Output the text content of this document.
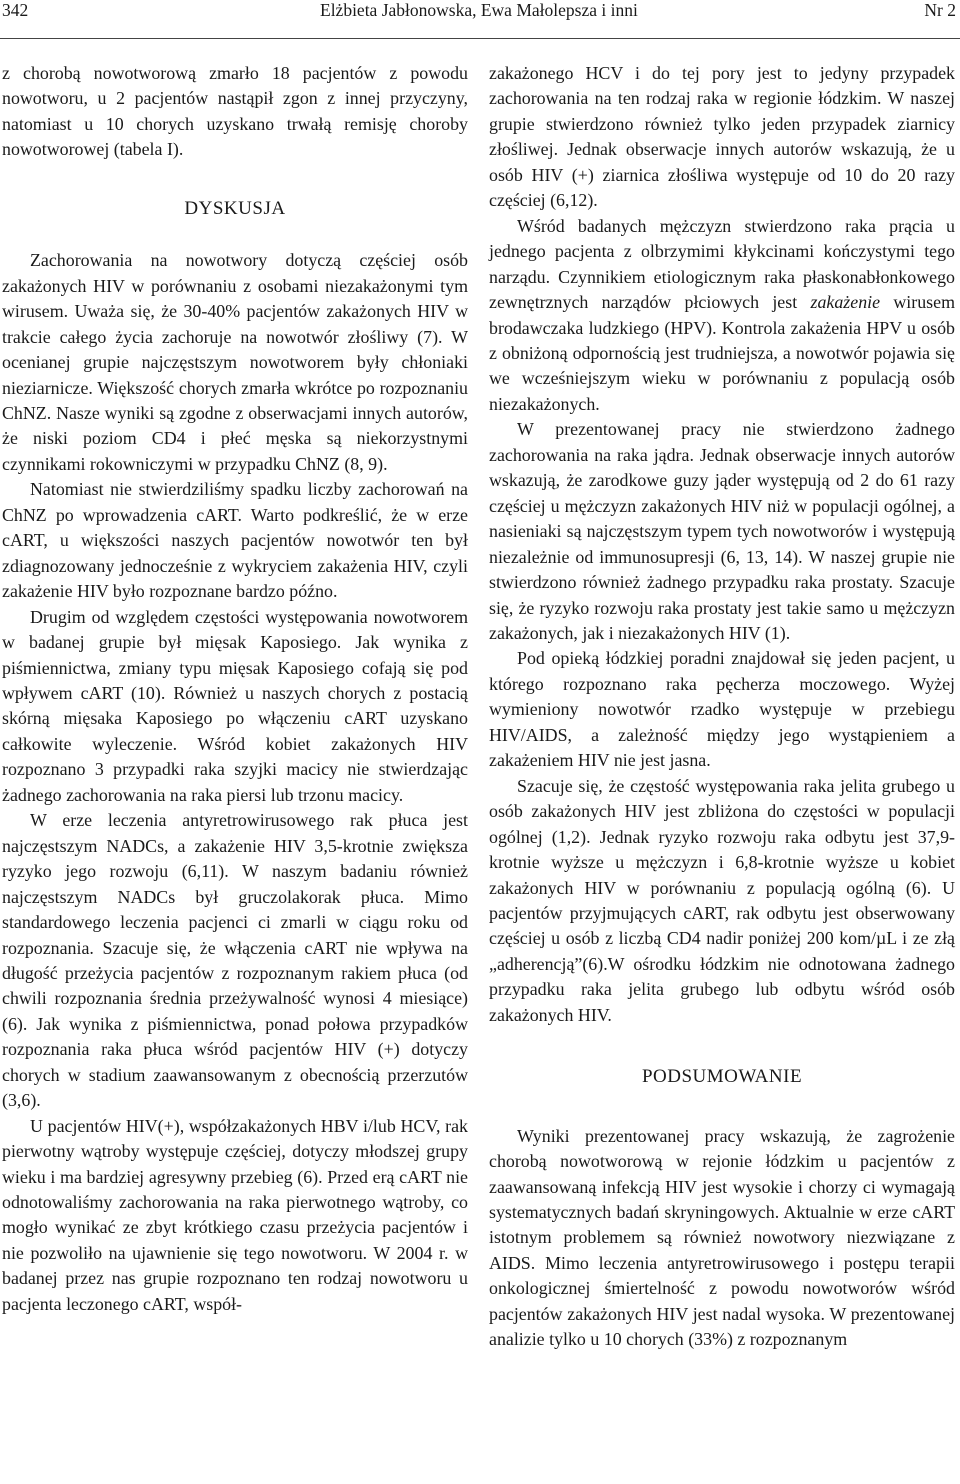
342	Elżbieta Jabłonowska, Ewa Małolepsza i inni	Nr 2

z chorobą nowotworową zmarło 18 pacjentów z powodu nowotworu, u 2 pacjentów nastąpił zgon z innej przyczyny, natomiast u 10 chorych uzyskano trwałą remisję choroby nowotworowej (tabela I).

DYSKUSJA

Zachorowania na nowotwory dotyczą częściej osób zakażonych HIV w porównaniu z osobami niezakażonymi tym wirusem. Uważa się, że 30-40% pacjentów zakażonych HIV w trakcie całego życia zachoruje na nowotwór złośliwy (7). W ocenianej grupie najczęstszym nowotworem były chłoniaki nieziarnicze. Większość chorych zmarła wkrótce po rozpoznaniu ChNZ. Nasze wyniki są zgodne z obserwacjami innych autorów, że niski poziom CD4 i płeć męska są niekorzystnymi czynnikami rokowniczymi w przypadku ChNZ (8, 9).

Natomiast nie stwierdziliśmy spadku liczby zachorowań na ChNZ po wprowadzenia cART. Warto podkreślić, że w erze cART, u większości naszych pacjentów nowotwór ten był zdiagnozowany jednocześnie z wykryciem zakażenia HIV, czyli zakażenie HIV było rozpoznane bardzo późno.

Drugim od względem częstości występowania nowotworem w badanej grupie był mięsak Kaposiego. Jak wynika z piśmiennictwa, zmiany typu mięsak Kaposiego cofają się pod wpływem cART (10). Również u naszych chorych z postacią skórną mięsaka Kaposiego po włączeniu cART uzyskano całkowite wyleczenie. Wśród kobiet zakażonych HIV rozpoznano 3 przypadki raka szyjki macicy nie stwierdzając żadnego zachorowania na raka piersi lub trzonu macicy.

W erze leczenia antyretrowirusowego rak płuca jest najczęstszym NADCs, a zakażenie HIV 3,5-krotnie zwiększa ryzyko jego rozwoju (6,11). W naszym badaniu również najczęstszym NADCs był gruczolakorak płuca. Mimo standardowego leczenia pacjenci ci zmarli w ciągu roku od rozpoznania. Szacuje się, że włączenia cART nie wpływa na długość przeżycia pacjentów z rozpoznanym rakiem płuca (od chwili rozpoznania średnia przeżywalność wynosi 4 miesiące) (6). Jak wynika z piśmiennictwa, ponad połowa przypadków rozpoznania raka płuca wśród pacjentów HIV (+) dotyczy chorych w stadium zaawansowanym z obecnością przerzutów (3,6).

U pacjentów HIV(+), współzakażonych HBV i/lub HCV, rak pierwotny wątroby występuje częściej, dotyczy młodszej grupy wieku i ma bardziej agresywny przebieg (6). Przed erą cART nie odnotowaliśmy zachorowania na raka pierwotnego wątroby, co mogło wynikać ze zbyt krótkiego czasu przeżycia pacjentów i nie pozwoliło na ujawnienie się tego nowotworu. W 2004 r. w badanej przez nas grupie rozpoznano ten rodzaj nowotworu u pacjenta leczonego cART, współ-

zakażonego HCV i do tej pory jest to jedyny przypadek zachorowania na ten rodzaj raka w regionie łódzkim. W naszej grupie stwierdzono również tylko jeden przypadek ziarnicy złośliwej. Jednak obserwacje innych autorów wskazują, że u osób HIV (+) ziarnica złośliwa występuje od 10 do 20 razy częściej (6,12).

Wśród badanych mężczyzn stwierdzono raka prącia u jednego pacjenta z olbrzymimi kłykcinami kończystymi tego narządu. Czynnikiem etiologicznym raka płaskonabłonkowego zewnętrznych narządów płciowych jest zakażenie wirusem brodawczaka ludzkiego (HPV). Kontrola zakażenia HPV u osób z obniżoną odpornością jest trudniejsza, a nowotwór pojawia się we wcześniejszym wieku w porównaniu z populacją osób niezakażonych.

W prezentowanej pracy nie stwierdzono żadnego zachorowania na raka jądra. Jednak obserwacje innych autorów wskazują, że zarodkowe guzy jąder występują od 2 do 61 razy częściej u mężczyzn zakażonych HIV niż w populacji ogólnej, a nasieniaki są najczęstszym typem tych nowotworów i występują niezależnie od immunosupresji (6, 13, 14). W naszej grupie nie stwierdzono również żadnego przypadku raka prostaty. Szacuje się, że ryzyko rozwoju raka prostaty jest takie samo u mężczyzn zakażonych, jak i niezakażonych HIV (1).

Pod opieką łódzkiej poradni znajdował się jeden pacjent, u którego rozpoznano raka pęcherza moczowego. Wyżej wymieniony nowotwór rzadko występuje w przebiegu HIV/AIDS, a zależność między jego wystąpieniem a zakażeniem HIV nie jest jasna.

Szacuje się, że częstość występowania raka jelita grubego u osób zakażonych HIV jest zbliżona do częstości w populacji ogólnej (1,2). Jednak ryzyko rozwoju raka odbytu jest 37,9-krotnie wyższe u mężczyzn i 6,8-krotnie wyższe u kobiet zakażonych HIV w porównaniu z populacją ogólną (6). U pacjentów przyjmujących cART, rak odbytu jest obserwowany częściej u osób z liczbą CD4 nadir poniżej 200 kom/µL i ze złą „adherencją”(6).W ośrodku łódzkim nie odnotowana żadnego przypadku raka jelita grubego lub odbytu wśród osób zakażonych HIV.

PODSUMOWANIE

Wyniki prezentowanej pracy wskazują, że zagrożenie chorobą nowotworową w rejonie łódzkim u pacjentów z zaawansowaną infekcją HIV jest wysokie i chorzy ci wymagają systematycznych badań skryningowych. Aktualnie w erze cART istotnym problemem są również nowotwory niezwiązane z AIDS. Mimo leczenia antyretrowirusowego i postępu terapii onkologicznej śmiertelność z powodu nowotworów wśród pacjentów zakażonych HIV jest nadal wysoka. W prezentowanej analizie tylko u 10 chorych (33%) z rozpoznanym
